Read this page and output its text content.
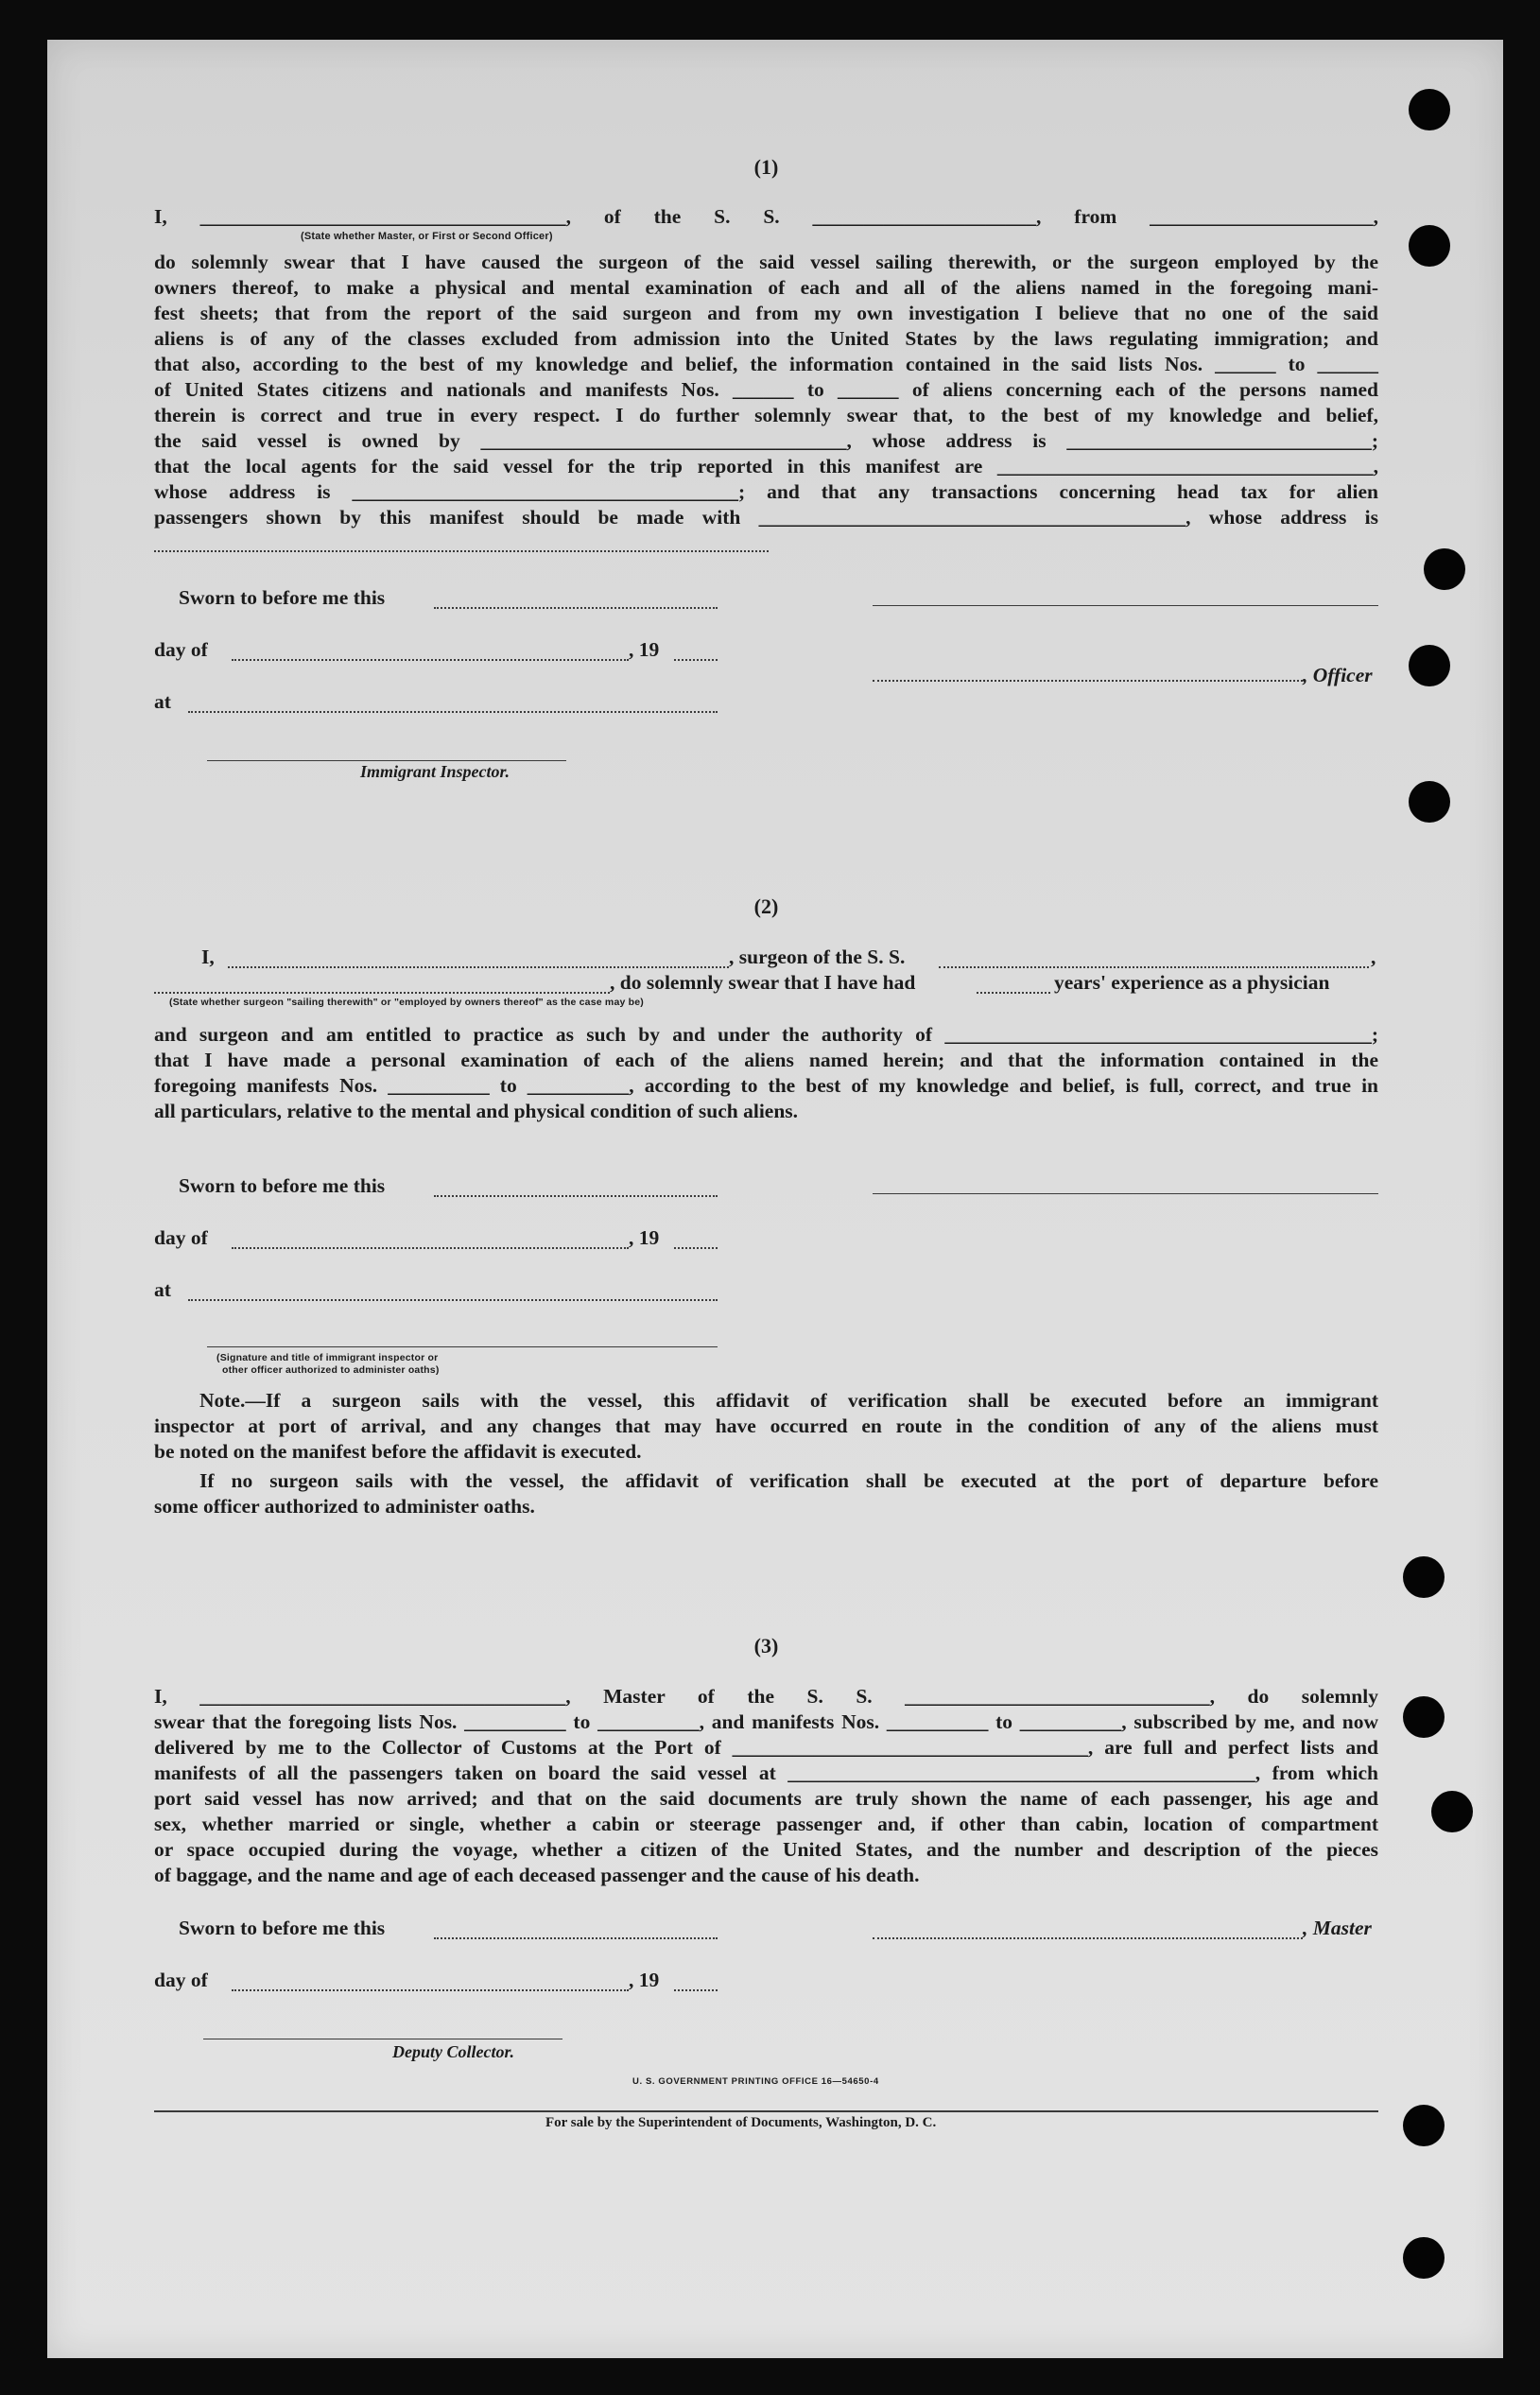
(1)
I, ____________________________________, of the S. S. ______________________, from ______________________,
(State whether Master, or First or Second Officer)
do solemnly swear that I have caused the surgeon of the said vessel sailing therewith, or the surgeon employed by the
owners thereof, to make a physical and mental examination of each and all of the aliens named in the foregoing mani-
fest sheets; that from the report of the said surgeon and from my own investigation I believe that no one of the said
aliens is of any of the classes excluded from admission into the United States by the laws regulating immigration; and
that also, according to the best of my knowledge and belief, the information contained in the said lists Nos. ______ to ______
of United States citizens and nationals and manifests Nos. ______ to ______ of aliens concerning each of the persons named
therein is correct and true in every respect. I do further solemnly swear that, to the best of my knowledge and belief,
the said vessel is owned by ____________________________________, whose address is ______________________________;
that the local agents for the said vessel for the trip reported in this manifest are _____________________________________,
whose address is ______________________________________; and that any transactions concerning head tax for alien
passengers shown by this manifest should be made with __________________________________________, whose address is
Sworn to before me this
day of	, 19
, Officer
at
Immigrant Inspector.
(2)
I,	, surgeon of the S. S.	,
, do solemnly swear that I have had	years' experience as a physician
(State whether surgeon "sailing therewith" or "employed by owners thereof" as the case may be)
and surgeon and am entitled to practice as such by and under the authority of __________________________________________;
that I have made a personal examination of each of the aliens named herein; and that the information contained in the
foregoing manifests Nos. __________ to __________, according to the best of my knowledge and belief, is full, correct, and true in
all particulars, relative to the mental and physical condition of such aliens.
Sworn to before me this
day of	, 19
at
(Signature and title of immigrant inspector or
other officer authorized to administer oaths)
Note.—If a surgeon sails with the vessel, this affidavit of verification shall be executed before an immigrant
inspector at port of arrival, and any changes that may have occurred en route in the condition of any of the aliens must
be noted on the manifest before the affidavit is executed.
If no surgeon sails with the vessel, the affidavit of verification shall be executed at the port of departure before
some officer authorized to administer oaths.
(3)
I, ____________________________________, Master of the S. S. ______________________________, do solemnly
swear that the foregoing lists Nos. __________ to __________, and manifests Nos. __________ to __________, subscribed by me, and now
delivered by me to the Collector of Customs at the Port of ___________________________________, are full and perfect lists and
manifests of all the passengers taken on board the said vessel at ______________________________________________, from which
port said vessel has now arrived; and that on the said documents are truly shown the name of each passenger, his age and
sex, whether married or single, whether a cabin or steerage passenger and, if other than cabin, location of compartment
or space occupied during the voyage, whether a citizen of the United States, and the number and description of the pieces
of baggage, and the name and age of each deceased passenger and the cause of his death.
Sworn to before me this	, Master
day of	, 19
Deputy Collector.
U. S. GOVERNMENT PRINTING OFFICE 16—54650-4
For sale by the Superintendent of Documents, Washington, D. C.
